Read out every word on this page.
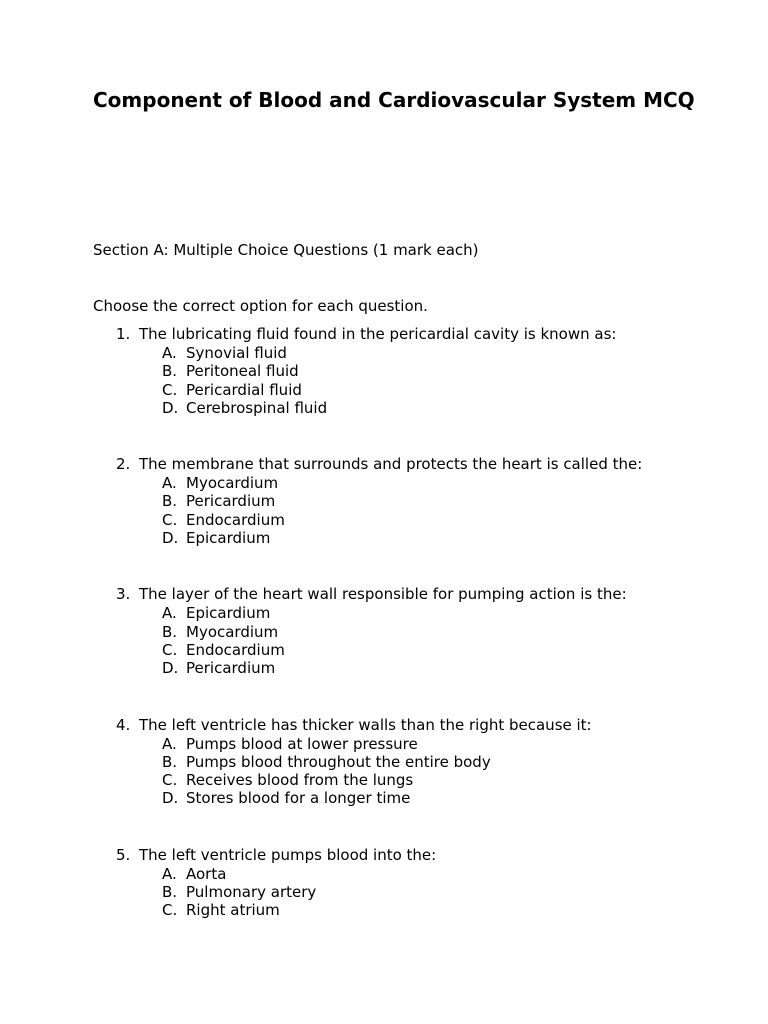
Component of Blood and Cardiovascular System MCQ

Section A: Multiple Choice Questions (1 mark each)

Choose the correct option for each question.

1. The lubricating fluid found in the pericardial cavity is known as:
A. Synovial fluid
B. Peritoneal fluid
C. Pericardial fluid
D. Cerebrospinal fluid
2. The membrane that surrounds and protects the heart is called the:
A. Myocardium
B. Pericardium
C. Endocardium
D. Epicardium
3. The layer of the heart wall responsible for pumping action is the:
A. Epicardium
B. Myocardium
C. Endocardium
D. Pericardium
4. The left ventricle has thicker walls than the right because it:
A. Pumps blood at lower pressure
B. Pumps blood throughout the entire body
C. Receives blood from the lungs
D. Stores blood for a longer time
5. The left ventricle pumps blood into the:
A. Aorta
B. Pulmonary artery
C. Right atrium
